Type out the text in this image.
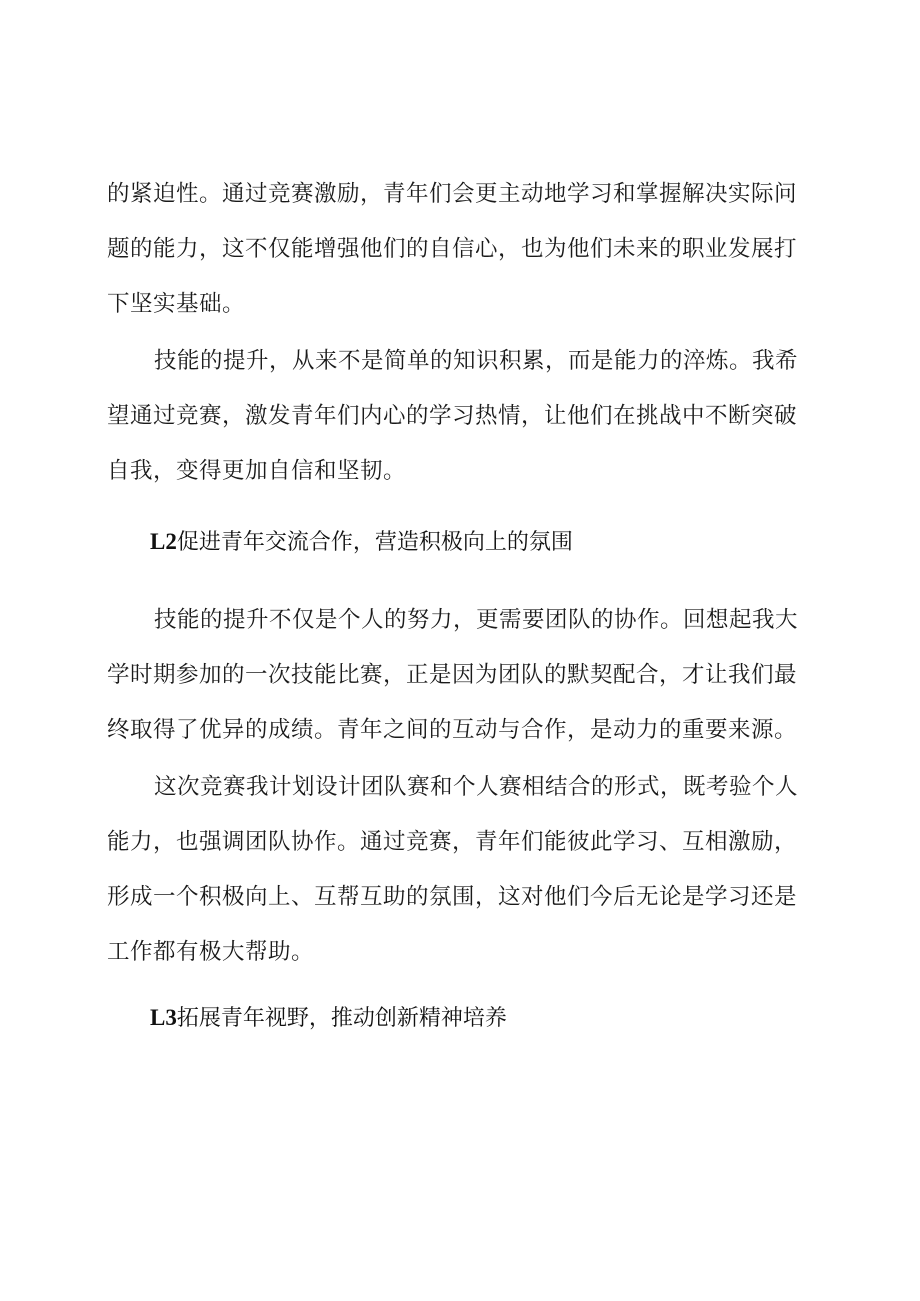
的紧迫性。通过竞赛激励，青年们会更主动地学习和掌握解决实际问
题的能力，这不仅能增强他们的自信心，也为他们未来的职业发展打
下坚实基础。
技能的提升，从来不是简单的知识积累，而是能力的淬炼。我希
望通过竞赛，激发青年们内心的学习热情，让他们在挑战中不断突破
自我，变得更加自信和坚韧。
L2促进青年交流合作，营造积极向上的氛围
技能的提升不仅是个人的努力，更需要团队的协作。回想起我大
学时期参加的一次技能比赛，正是因为团队的默契配合，才让我们最
终取得了优异的成绩。青年之间的互动与合作，是动力的重要来源。
这次竞赛我计划设计团队赛和个人赛相结合的形式，既考验个人
能力，也强调团队协作。通过竞赛，青年们能彼此学习、互相激励，
形成一个积极向上、互帮互助的氛围，这对他们今后无论是学习还是
工作都有极大帮助。
L3拓展青年视野，推动创新精神培养
